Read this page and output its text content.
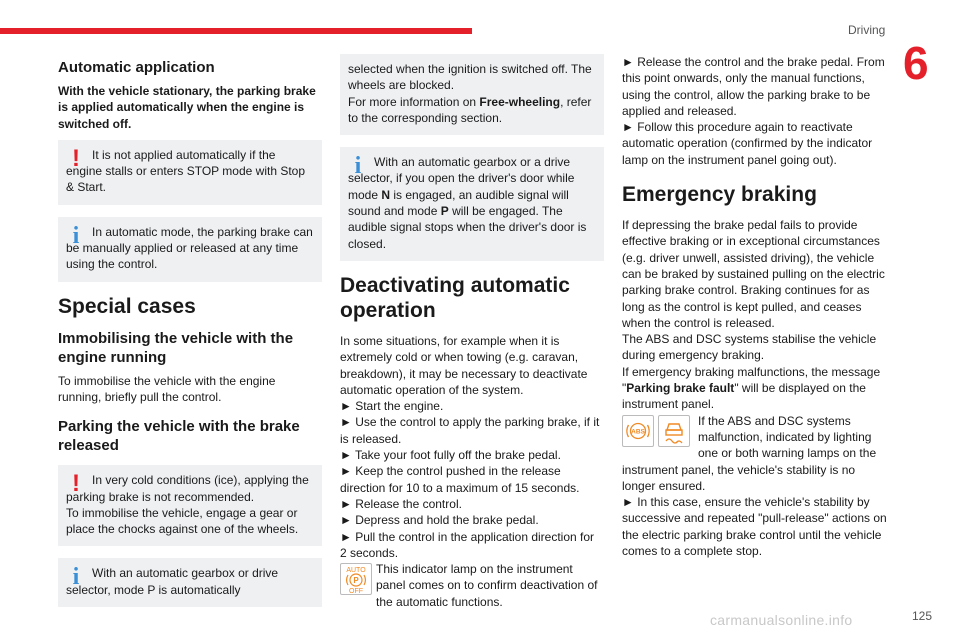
Driving
6
Automatic application
With the vehicle stationary, the parking brake is applied automatically when the engine is switched off.
!	It is not applied automatically if the engine stalls or enters STOP mode with Stop & Start.
i	In automatic mode, the parking brake can be manually applied or released at any time using the control.
Special cases
Immobilising the vehicle with the engine running
To immobilise the vehicle with the engine running, briefly pull the control.
Parking the vehicle with the brake released
!	In very cold conditions (ice), applying the parking brake is not recommended.
To immobilise the vehicle, engage a gear or place the chocks against one of the wheels.
i	With an automatic gearbox or drive selector, mode P is automatically
selected when the ignition is switched off. The wheels are blocked.
For more information on Free-wheeling, refer to the corresponding section.
i	With an automatic gearbox or a drive selector, if you open the driver's door while mode N is engaged, an audible signal will sound and mode P will be engaged. The audible signal stops when the driver's door is closed.
Deactivating automatic operation
In some situations, for example when it is extremely cold or when towing (e.g. caravan, breakdown), it may be necessary to deactivate automatic operation of the system.
► Start the engine.
► Use the control to apply the parking brake, if it is released.
► Take your foot fully off the brake pedal.
► Keep the control pushed in the release direction for 10 to a maximum of 15 seconds.
► Release the control.
► Depress and hold the brake pedal.
► Pull the control in the application direction for 2 seconds.
AUTO
P
OFF
This indicator lamp on the instrument panel comes on to confirm deactivation of the automatic functions.
► Release the control and the brake pedal. From this point onwards, only the manual functions, using the control, allow the parking brake to be applied and released.
► Follow this procedure again to reactivate automatic operation (confirmed by the indicator lamp on the instrument panel going out).
Emergency braking
If depressing the brake pedal fails to provide effective braking or in exceptional circumstances (e.g. driver unwell, assisted driving), the vehicle can be braked by sustained pulling on the electric parking brake control. Braking continues for as long as the control is kept pulled, and ceases when the control is released.
The ABS and DSC systems stabilise the vehicle during emergency braking.
If emergency braking malfunctions, the message "Parking brake fault" will be displayed on the instrument panel.
ABS
If the ABS and DSC systems malfunction, indicated by lighting one or both warning lamps on the instrument panel, the vehicle's stability is no longer ensured.
► In this case, ensure the vehicle's stability by successive and repeated "pull-release" actions on the electric parking brake control until the vehicle comes to a complete stop.
carmanualsonline.info	125
